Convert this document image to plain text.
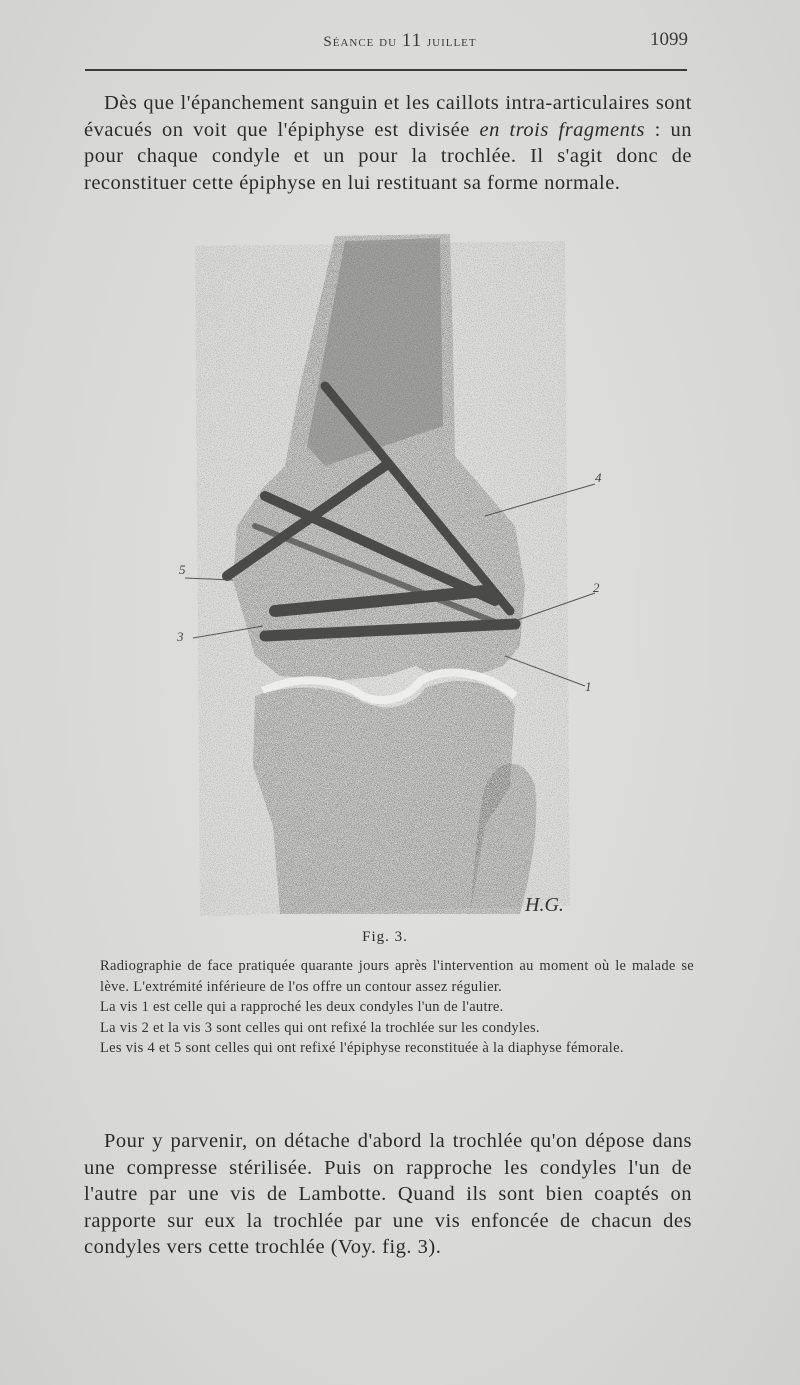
Séance du 11 juillet	1099
Dès que l'épanchement sanguin et les caillots intra-articulaires sont évacués on voit que l'épiphyse est divisée en trois fragments : un pour chaque condyle et un pour la trochlée. Il s'agit donc de reconstituer cette épiphyse en lui restituant sa forme normale.
4
5
2
3
1
H.G.
Fig. 3.

Radiographie de face pratiquée quarante jours après l'intervention au moment où le malade se lève. L'extrémité inférieure de l'os offre un contour assez régulier.

La vis 1 est celle qui a rapproché les deux condyles l'un de l'autre.

La vis 2 et la vis 3 sont celles qui ont refixé la trochlée sur les condyles.

Les vis 4 et 5 sont celles qui ont refixé l'épiphyse reconstituée à la diaphyse fémorale.

Pour y parvenir, on détache d'abord la trochlée qu'on dépose dans une compresse stérilisée. Puis on rapproche les condyles l'un de l'autre par une vis de Lambotte. Quand ils sont bien coaptés on rapporte sur eux la trochlée par une vis enfoncée de chacun des condyles vers cette trochlée (Voy. fig. 3).
